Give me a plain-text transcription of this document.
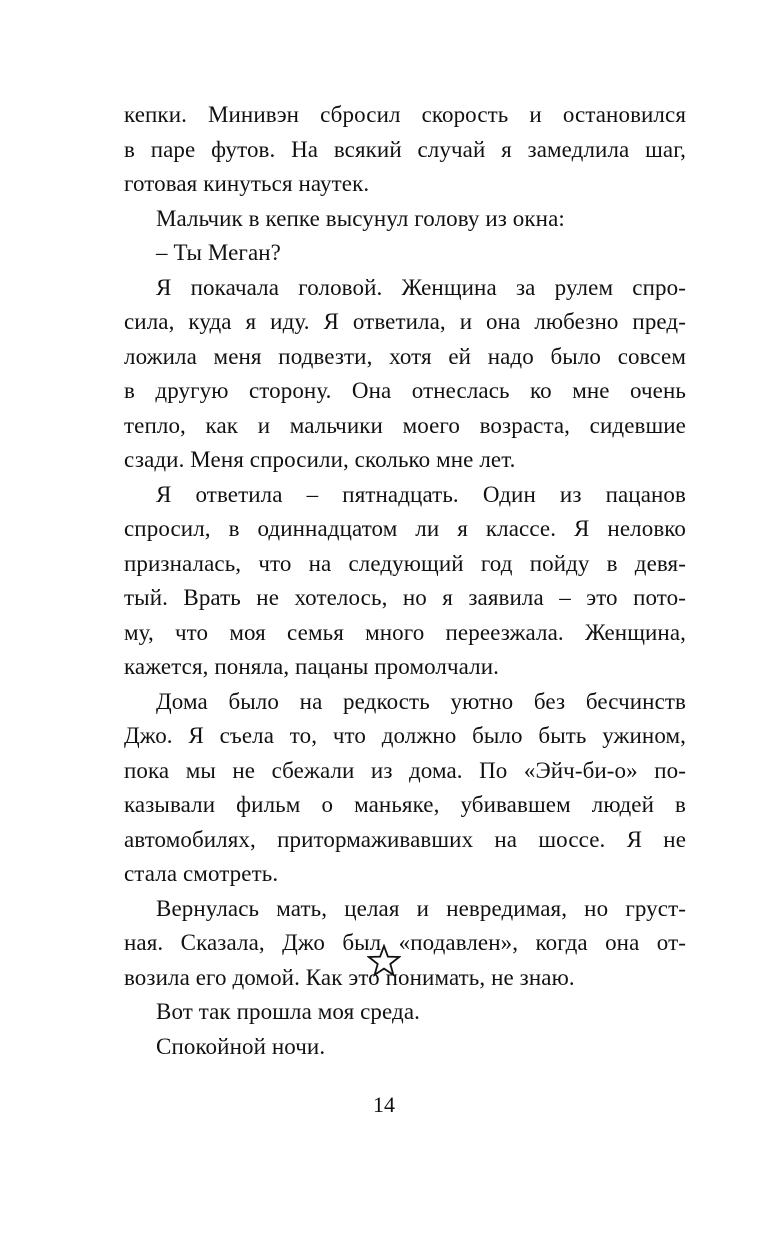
кепки. Минивэн сбросил скорость и остановился
в паре футов. На всякий случай я замедлила шаг,
готовая кинуться наутек.
Мальчик в кепке высунул голову из окна:
– Ты Меган?
Я покачала головой. Женщина за рулем спро-
сила, куда я иду. Я ответила, и она любезно пред-
ложила меня подвезти, хотя ей надо было совсем
в другую сторону. Она отнеслась ко мне очень
тепло, как и мальчики моего возраста, сидевшие
сзади. Меня спросили, сколько мне лет.
Я ответила – пятнадцать. Один из пацанов
спросил, в одиннадцатом ли я классе. Я неловко
призналась, что на следующий год пойду в девя-
тый. Врать не хотелось, но я заявила – это пото-
му, что моя семья много переезжала. Женщина,
кажется, поняла, пацаны промолчали.
Дома было на редкость уютно без бесчинств
Джо. Я съела то, что должно было быть ужином,
пока мы не сбежали из дома. По «Эйч-би-о» по-
казывали фильм о маньяке, убивавшем людей в
автомобилях, притормаживавших на шоссе. Я не
стала смотреть.
Вернулась мать, целая и невредимая, но груст-
ная. Сказала, Джо был «подавлен», когда она от-
возила его домой. Как это понимать, не знаю.
Вот так прошла моя среда.
Спокойной ночи.
14
